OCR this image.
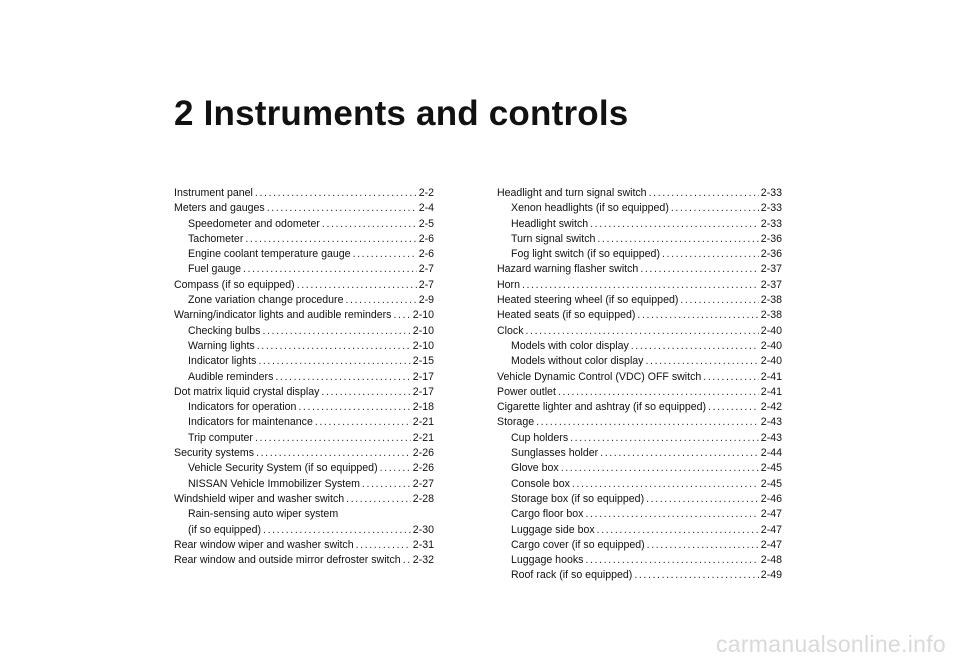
2 Instruments and controls
Instrument panel .....	2-2
Meters and gauges .....	2-4
Speedometer and odometer .....	2-5
Tachometer .....	2-6
Engine coolant temperature gauge .....	2-6
Fuel gauge .....	2-7
Compass (if so equipped) .....	2-7
Zone variation change procedure .....	2-9
Warning/indicator lights and audible reminders ..... 2-10
Checking bulbs .....	2-10
Warning lights .....	2-10
Indicator lights .....	2-15
Audible reminders .....	2-17
Dot matrix liquid crystal display .....	2-17
Indicators for operation .....	2-18
Indicators for maintenance .....	2-21
Trip computer .....	2-21
Security systems .....	2-26
Vehicle Security System (if so equipped) .....	2-26
NISSAN Vehicle Immobilizer System .....	2-27
Windshield wiper and washer switch .....	2-28
Rain-sensing auto wiper system
(if so equipped) .....	2-30
Rear window wiper and washer switch .....	2-31
Rear window and outside mirror defroster switch ..... 2-32
Headlight and turn signal switch .....	2-33
Xenon headlights (if so equipped) .....	2-33
Headlight switch .....	2-33
Turn signal switch .....	2-36
Fog light switch (if so equipped) .....	2-36
Hazard warning flasher switch .....	2-37
Horn .....	2-37
Heated steering wheel (if so equipped) .....	2-38
Heated seats (if so equipped) .....	2-38
Clock .....	2-40
Models with color display .....	2-40
Models without color display .....	2-40
Vehicle Dynamic Control (VDC) OFF switch .....	2-41
Power outlet .....	2-41
Cigarette lighter and ashtray (if so equipped) .....	2-42
Storage .....	2-43
Cup holders .....	2-43
Sunglasses holder .....	2-44
Glove box .....	2-45
Console box .....	2-45
Storage box (if so equipped) .....	2-46
Cargo floor box .....	2-47
Luggage side box .....	2-47
Cargo cover (if so equipped) .....	2-47
Luggage hooks .....	2-48
Roof rack (if so equipped) .....	2-49
carmanualsonline.info
